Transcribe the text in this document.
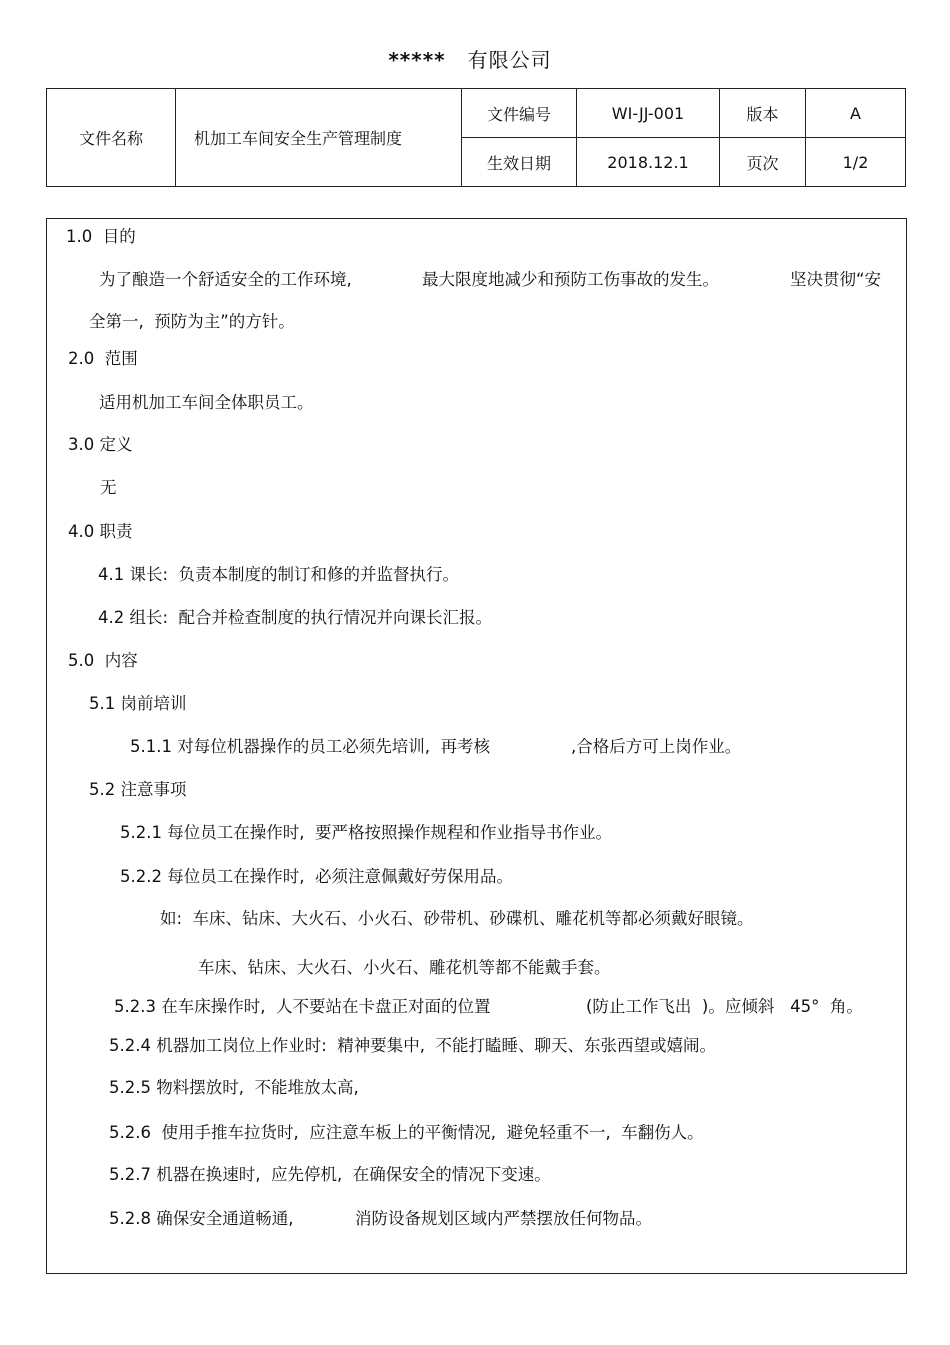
***** 有限公司
文件名称	机加工车间安全生产管理制度	文件编号	WI-JJ-001	版本	A
		生效日期	2018.12.1	页次	1/2
1.0  目的
为了酿造一个舒适安全的工作环境,	最大限度地减少和预防工伤事故的发生。	坚决贯彻“安
全第一,  预防为主”的方针。
2.0  范围
适用机加工车间全体职员工。
3.0 定义
无
4.0 职责
4.1 课长:  负责本制度的制订和修的并监督执行。
4.2 组长:  配合并检查制度的执行情况并向课长汇报。
5.0  内容
5.1 岗前培训
5.1.1 对每位机器操作的员工必须先培训,  再考核	,合格后方可上岗作业。
5.2 注意事项
5.2.1 每位员工在操作时,  要严格按照操作规程和作业指导书作业。
5.2.2 每位员工在操作时,  必须注意佩戴好劳保用品。
如:  车床、钻床、大火石、小火石、砂带机、砂碟机、雕花机等都必须戴好眼镜。
车床、钻床、大火石、小火石、雕花机等都不能戴手套。
5.2.3 在车床操作时,  人不要站在卡盘正对面的位置	(防止工作飞出  )。应倾斜   45°  角。
5.2.4 机器加工岗位上作业时:  精神要集中,  不能打瞌睡、聊天、东张西望或嬉闹。
5.2.5 物料摆放时,  不能堆放太高,
5.2.6  使用手推车拉货时,  应注意车板上的平衡情况,  避免轻重不一,  车翻伤人。
5.2.7 机器在换速时,  应先停机,  在确保安全的情况下变速。
5.2.8 确保安全通道畅通,	消防设备规划区域内严禁摆放任何物品。
